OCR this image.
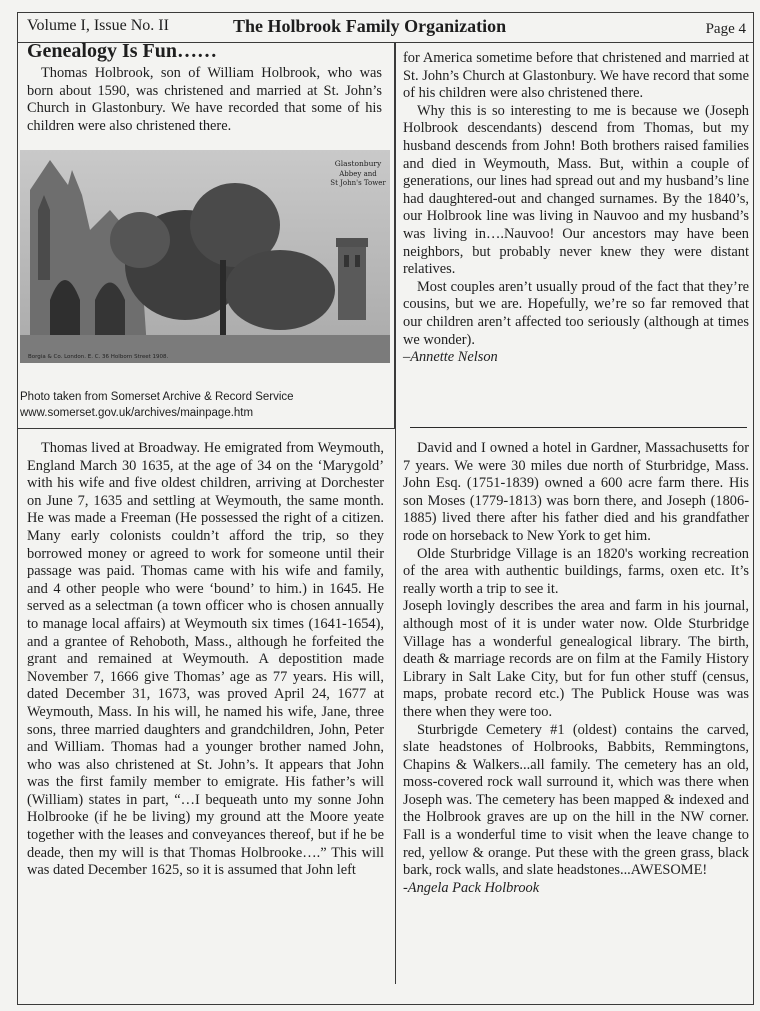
Volume I, Issue No. II	The Holbrook Family Organization	Page 4
Genealogy Is Fun……

Thomas Holbrook, son of William Holbrook, who was born about 1590, was christened and married at St. John’s Church in Glastonbury. We have recorded that some of his children were also christened there.

Glastonbury
Abbey and
St John's Tower
Borgia & Co. London. E. C. 36 Holborn Street 1908.
Photo taken from Somerset Archive & Record Service
www.somerset.gov.uk/archives/mainpage.htm

Thomas lived at Broadway. He emigrated from Weymouth, England March 30 1635, at the age of 34 on the ‘Marygold’ with his wife and five oldest children, arriving at Dorchester on June 7, 1635 and settling at Weymouth, the same month. He was made a Freeman (He possessed the right of a citizen. Many early colonists couldn’t afford the trip, so they borrowed money or agreed to work for someone until their passage was paid. Thomas came with his wife and family, and 4 other people who were ‘bound’ to him.) in 1645. He served as a selectman (a town officer who is chosen annually to manage local affairs) at Weymouth six times (1641-1654), and a grantee of Rehoboth, Mass., although he forfeited the grant and remained at Weymouth. A depostition made November 7, 1666 give Thomas’ age as 77 years. His will, dated December 31, 1673, was proved April 24, 1677 at Weymouth, Mass. In his will, he named his wife, Jane, three sons, three married daughters and grandchildren, John, Peter and William. Thomas had a younger brother named John, who was also christened at St. John’s. It appears that John was the first family member to emigrate. His father’s will (William) states in part, “…I bequeath unto my sonne John Holbrooke (if he be living) my ground att the Moore yeate together with the leases and conveyances thereof, but if he be deade, then my will is that Thomas Holbrooke….” This will was dated December 1625, so it is assumed that John left

for America sometime before that christened and married at St. John’s Church at Glastonbury. We have record that some of his children were also christened there.

Why this is so interesting to me is because we (Joseph Holbrook descendants) descend from Thomas, but my husband descends from John! Both brothers raised families and died in Weymouth, Mass. But, within a couple of generations, our lines had spread out and my husband’s line had daughtered-out and changed surnames. By the 1840’s, our Holbrook line was living in Nauvoo and my husband’s was living in….Nauvoo! Our ancestors may have been neighbors, but probably never knew they were distant relatives.

Most couples aren’t usually proud of the fact that they’re cousins, but we are. Hopefully, we’re so far removed that our children aren’t affected too seriously (although at times we wonder).

–Annette Nelson

David and I owned a hotel in Gardner, Massachusetts for 7 years. We were 30 miles due north of Sturbridge, Mass. John Esq. (1751-1839) owned a 600 acre farm there. His son Moses (1779-1813) was born there, and Joseph (1806-1885) lived there after his father died and his grandfather rode on horseback to New York to get him.

Olde Sturbridge Village is an 1820's working recreation of the area with authentic buildings, farms, oxen etc. It’s really worth a trip to see it.

Joseph lovingly describes the area and farm in his journal, although most of it is under water now. Olde Sturbridge Village has a wonderful genealogical library. The birth, death & marriage records are on film at the Family History Library in Salt Lake City, but for fun other stuff (census, maps, probate record etc.) The Publick House was was there when they were too.

Sturbrigde Cemetery #1 (oldest) contains the carved, slate headstones of Holbrooks, Babbits, Remmingtons, Chapins & Walkers...all family. The cemetery has an old, moss-covered rock wall surround it, which was there when Joseph was. The cemetery has been mapped & indexed and the Holbrook graves are up on the hill in the NW corner. Fall is a wonderful time to visit when the leave change to red, yellow & orange. Put these with the green grass, black bark, rock walls, and slate headstones...AWESOME!

-Angela Pack Holbrook
